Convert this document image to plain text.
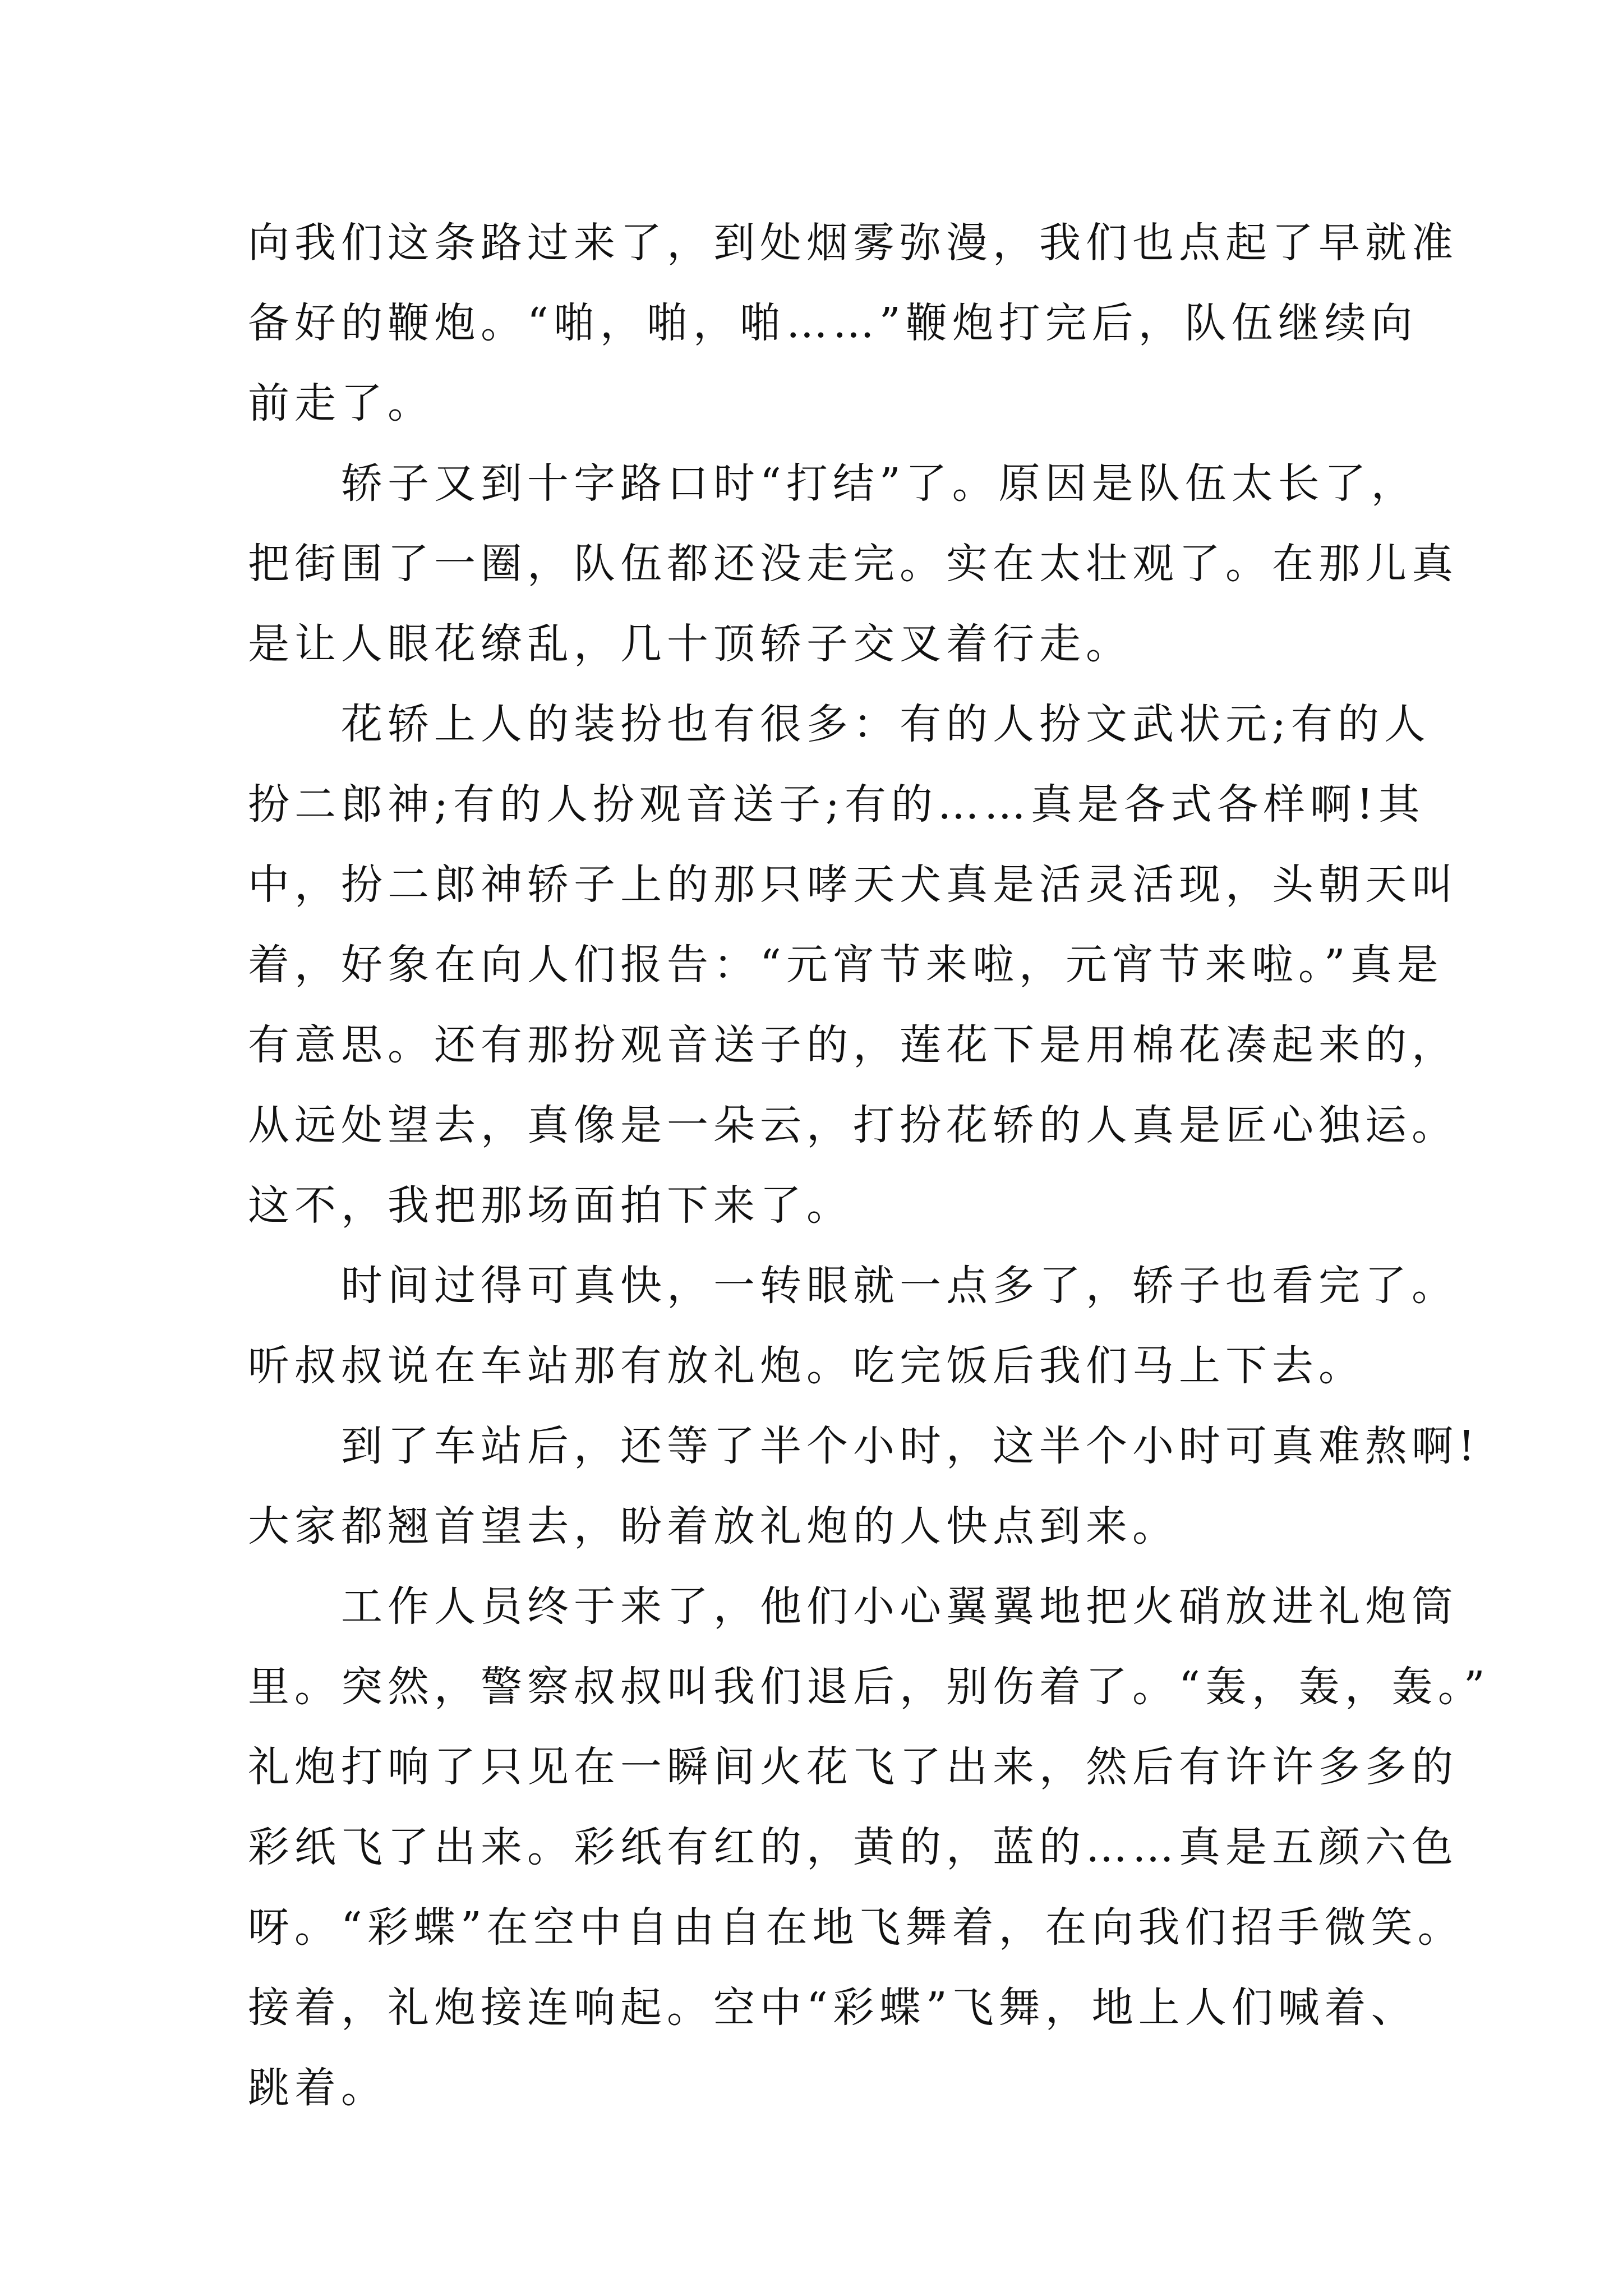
向我们这条路过来了，到处烟雾弥漫，我们也点起了早就准
备好的鞭炮。“啪，啪，啪……”鞭炮打完后，队伍继续向
前走了。
　　轿子又到十字路口时“打结”了。原因是队伍太长了，
把街围了一圈，队伍都还没走完。实在太壮观了。在那儿真
是让人眼花缭乱，几十顶轿子交叉着行走。
　　花轿上人的装扮也有很多：有的人扮文武状元;有的人
扮二郎神;有的人扮观音送子;有的……真是各式各样啊!其
中，扮二郎神轿子上的那只哮天犬真是活灵活现，头朝天叫
着，好象在向人们报告：“元宵节来啦，元宵节来啦。”真是
有意思。还有那扮观音送子的，莲花下是用棉花凑起来的，
从远处望去，真像是一朵云，打扮花轿的人真是匠心独运。
这不，我把那场面拍下来了。
　　时间过得可真快，一转眼就一点多了，轿子也看完了。
听叔叔说在车站那有放礼炮。吃完饭后我们马上下去。
　　到了车站后，还等了半个小时，这半个小时可真难熬啊!
大家都翘首望去，盼着放礼炮的人快点到来。
　　工作人员终于来了，他们小心翼翼地把火硝放进礼炮筒
里。突然，警察叔叔叫我们退后，别伤着了。“轰，轰，轰。”
礼炮打响了只见在一瞬间火花飞了出来，然后有许许多多的
彩纸飞了出来。彩纸有红的，黄的，蓝的……真是五颜六色
呀。“彩蝶”在空中自由自在地飞舞着，在向我们招手微笑。
接着，礼炮接连响起。空中“彩蝶”飞舞，地上人们喊着、
跳着。
